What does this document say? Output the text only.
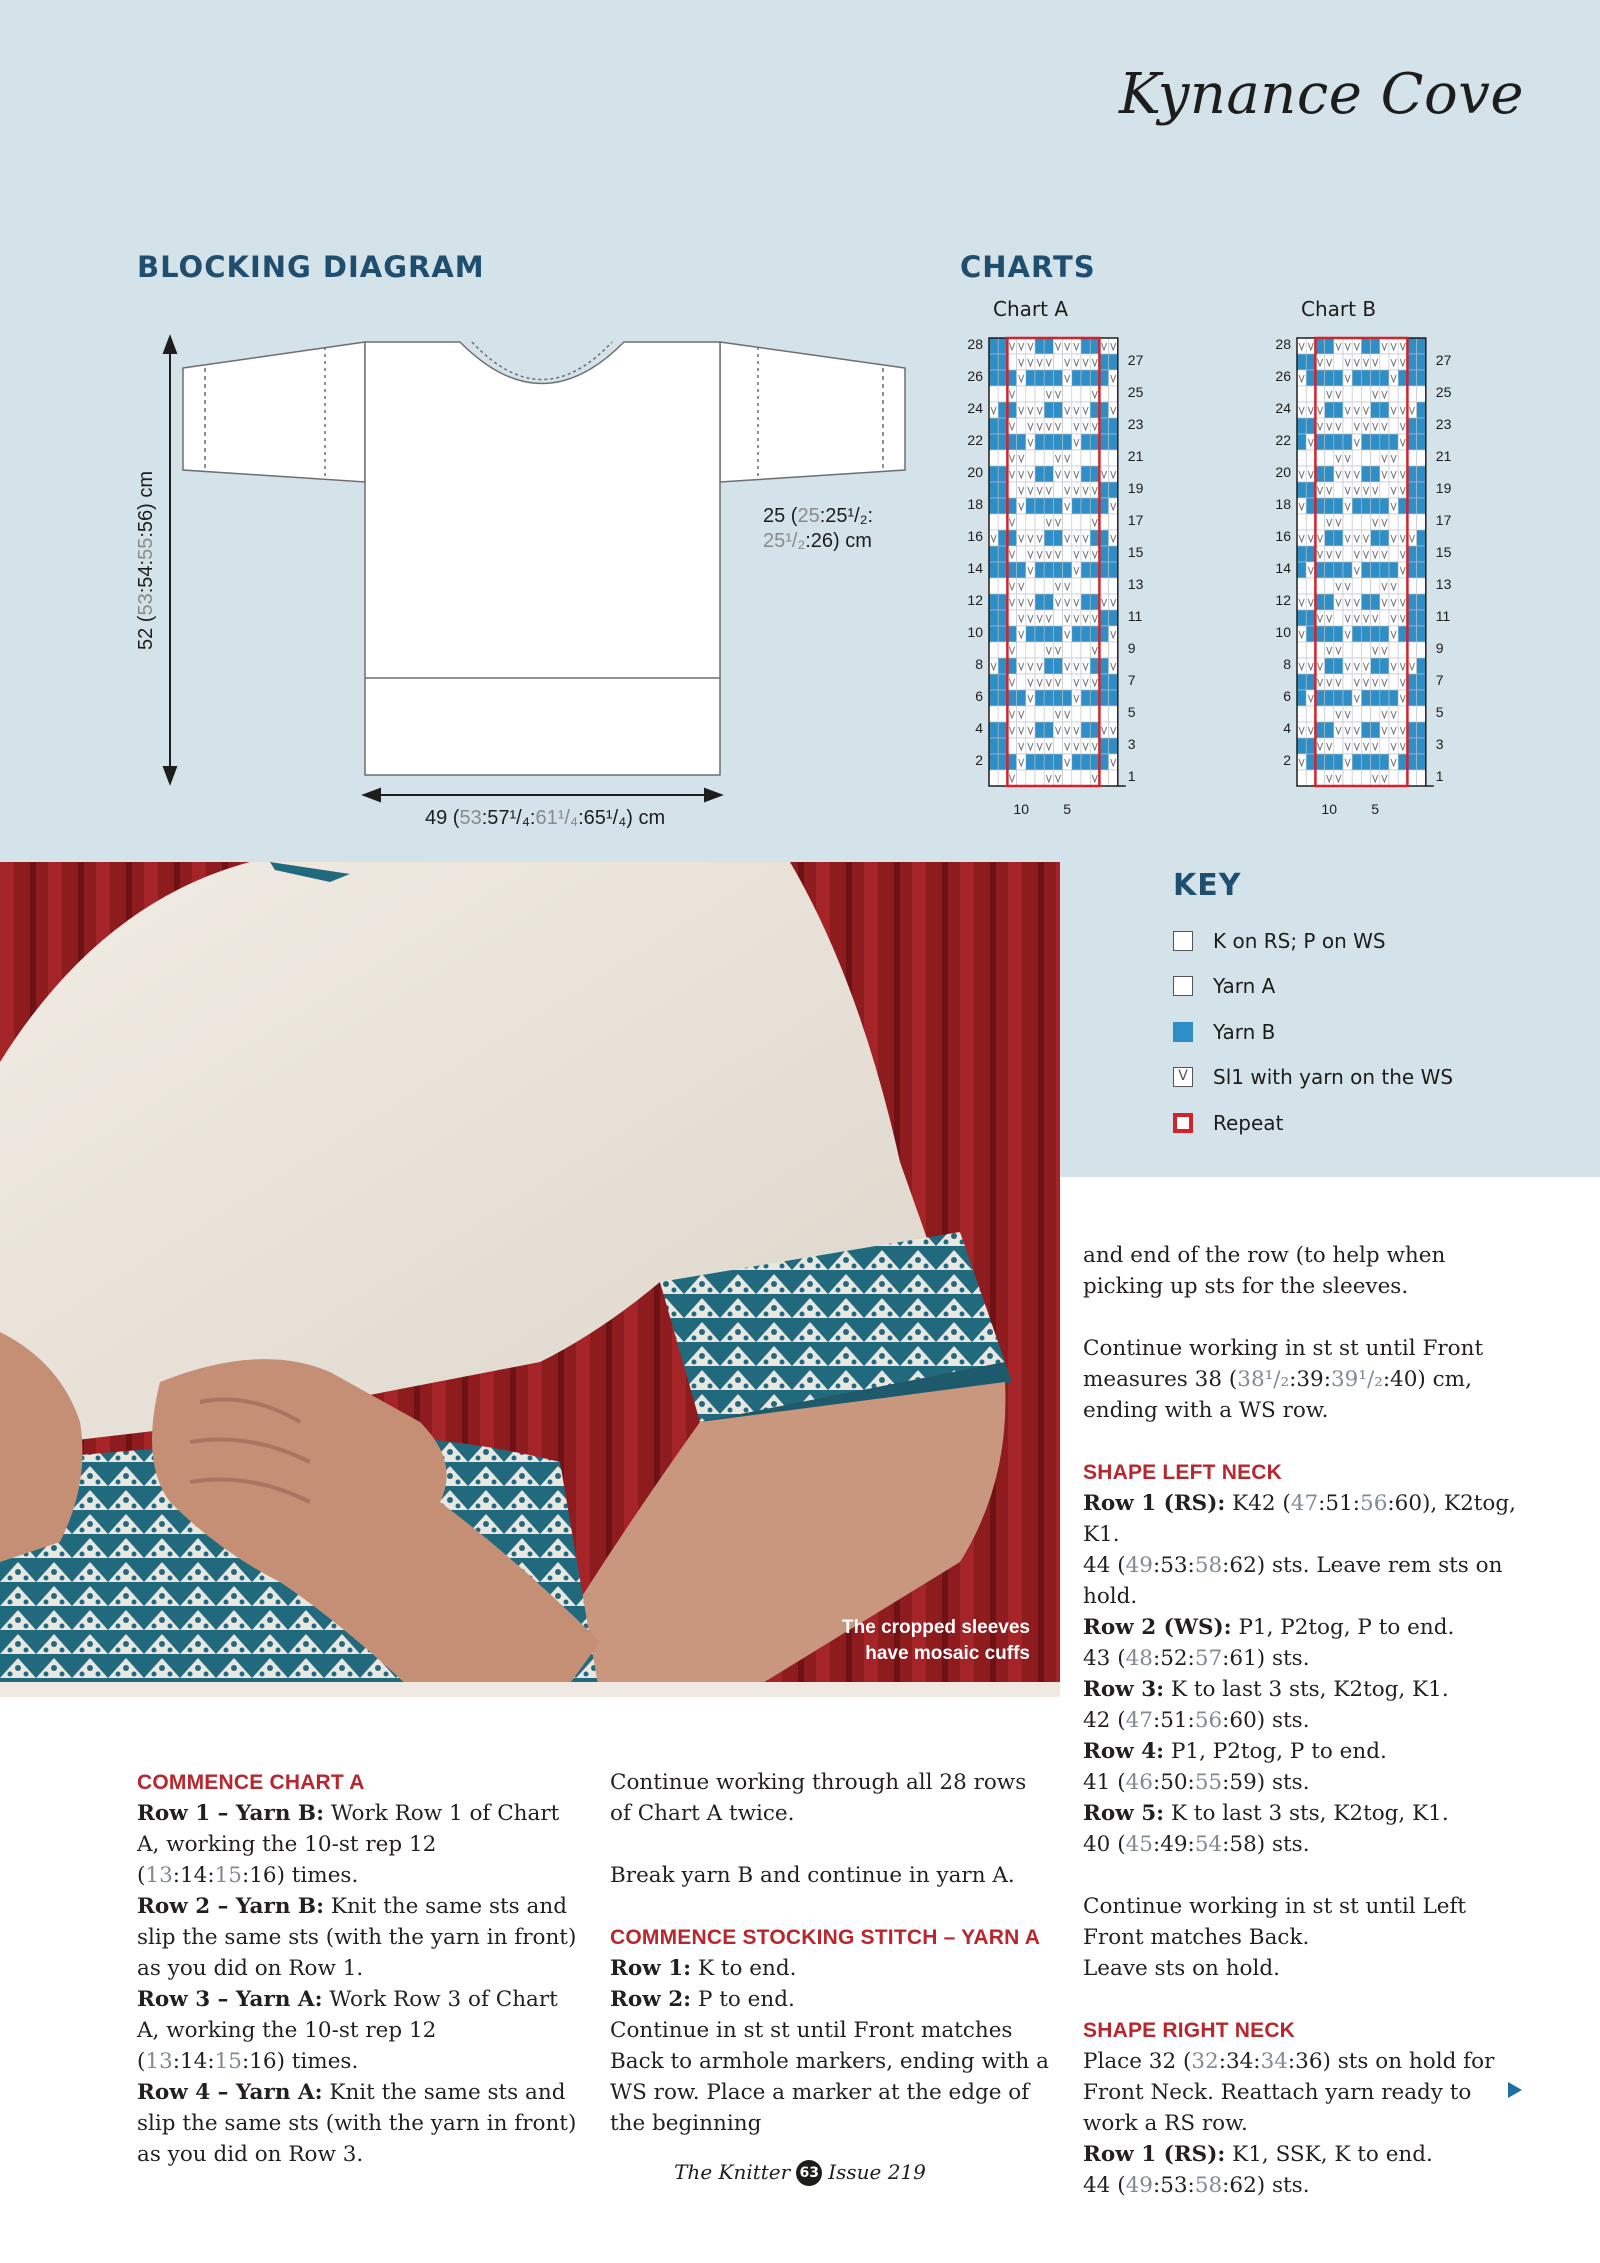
Kynance Cove
BLOCKING DIAGRAM
52 (53:54:55:56) cm	25 (25:25¹/₂:
25¹/₂:26) cm
49 (53:57¹/₄:61¹/₄:65¹/₄) cm
CHARTS
Chart A	Chart B
28
26
24
22
20
18
16
14
12
10
8
6
4
2
27
25
23
21
19
17
15
13
11
9
7
5
3
1
10 5
28
26
24
22
20
18
16
14
12
10
8
6
4
2
27
25
23
21
19
17
15
13
11
9
7
5
3
1
10 5
KEY
K on RS; P on WS
Yarn A
Yarn B
V Sl1 with yarn on the WS
Repeat
The cropped sleeves
have mosaic cuffs
COMMENCE CHART A
Row 1 – Yarn B: Work Row 1 of Chart A, working the 10-st rep 12 (13:14:15:16) times.
Row 2 – Yarn B: Knit the same sts and slip the same sts (with the yarn in front) as you did on Row 1.
Row 3 – Yarn A: Work Row 3 of Chart A, working the 10-st rep 12 (13:14:15:16) times.
Row 4 – Yarn A: Knit the same sts and slip the same sts (with the yarn in front) as you did on Row 3.

Continue working through all 28 rows of Chart A twice.

Break yarn B and continue in yarn A.

COMMENCE STOCKING STITCH – YARN A
Row 1: K to end.
Row 2: P to end.
Continue in st st until Front matches Back to armhole markers, ending with a WS row. Place a marker at the edge of the beginning

and end of the row (to help when picking up sts for the sleeves.

Continue working in st st until Front measures 38 (38¹/₂:39:39¹/₂:40) cm, ending with a WS row.

SHAPE LEFT NECK
Row 1 (RS): K42 (47:51:56:60), K2tog, K1.
44 (49:53:58:62) sts. Leave rem sts on hold.
Row 2 (WS): P1, P2tog, P to end.
43 (48:52:57:61) sts.
Row 3: K to last 3 sts, K2tog, K1.
42 (47:51:56:60) sts.
Row 4: P1, P2tog, P to end.
41 (46:50:55:59) sts.
Row 5: K to last 3 sts, K2tog, K1.

40 (45:49:54:58) sts.

Continue working in st st until Left Front matches Back.

Leave sts on hold.

SHAPE RIGHT NECK
Place 32 (32:34:34:36) sts on hold for Front Neck. Reattach yarn ready to work a RS row.
Row 1 (RS): K1, SSK, K to end.
44 (49:53:58:62) sts.
The Knitter 63 Issue 219
